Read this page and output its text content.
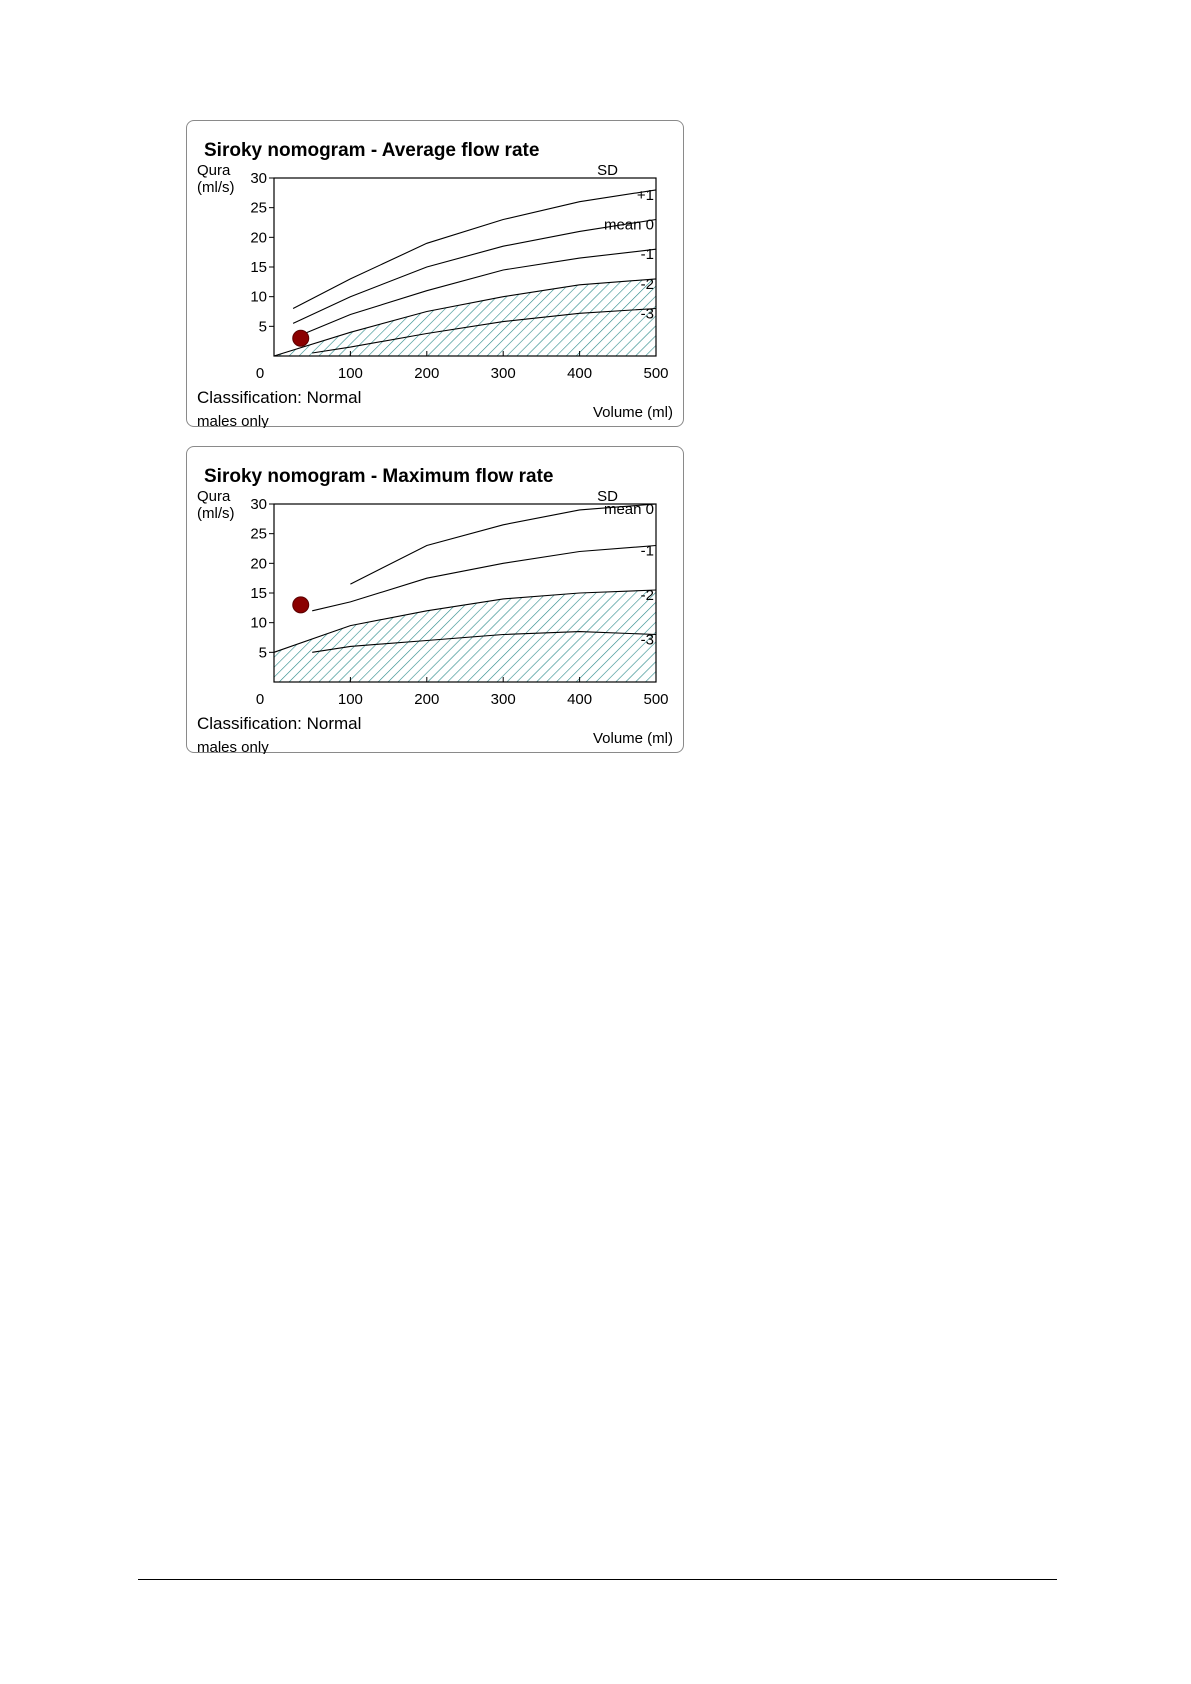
Siroky nomogram - Average flow rate
Qura
(ml/s)
SD
5
10
15
20
25
30
0	100	200	300	400	500
+1
mean 0
-1
-2
-3
Classification: Normal
Volume (ml)
males only
Siroky nomogram - Maximum flow rate
Qura
(ml/s)
SD
5
10
15
20
25
30
0	100	200	300	400	500
mean 0
-1
-2
-3
Classification: Normal
Volume (ml)
males only
